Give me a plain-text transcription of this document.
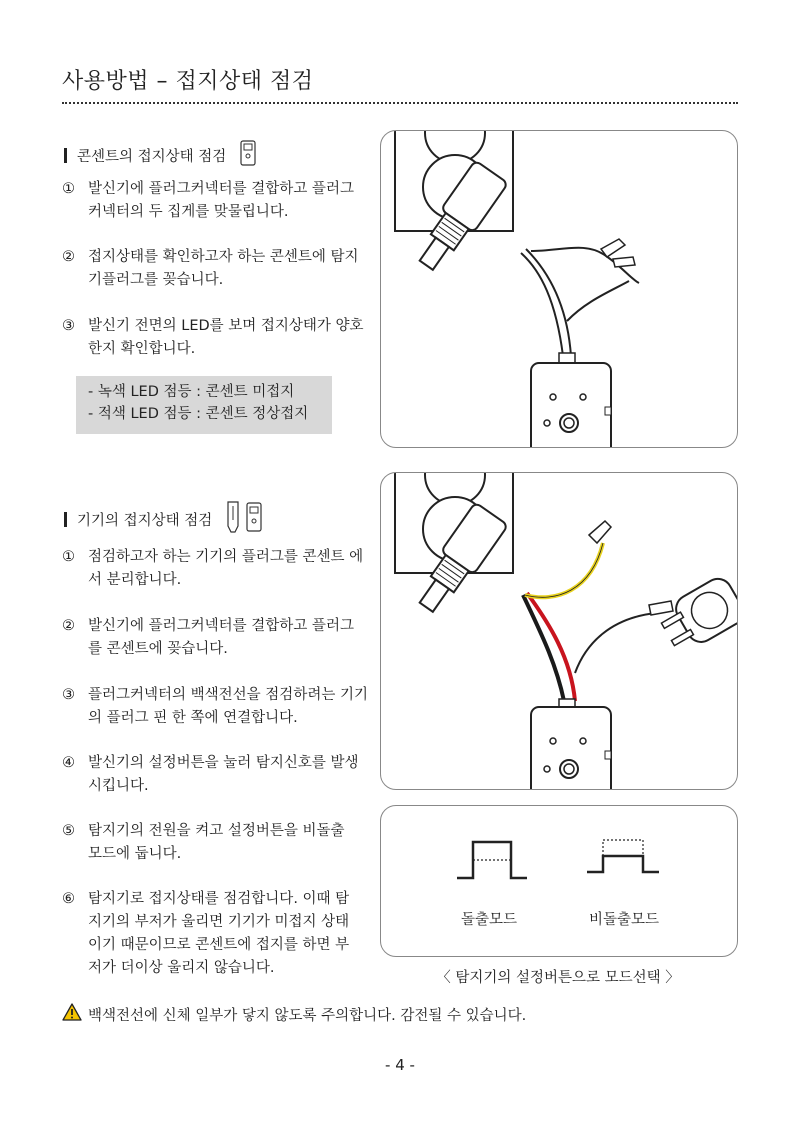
사용방법 – 접지상태 점검
콘센트의 접지상태 점검
① 발신기에 플러그커넥터를 결합하고 플러그 커넥터의 두 집게를 맞물립니다.
② 접지상태를 확인하고자 하는 콘센트에 탐지기플러그를 꽂습니다.
③ 발신기 전면의 LED를 보며 접지상태가 양호한지 확인합니다.
- 녹색 LED 점등 : 콘센트 미접지
- 적색 LED 점등 : 콘센트 정상접지
기기의 접지상태 점검
① 점검하고자 하는 기기의 플러그를 콘센트 에서 분리합니다.
② 발신기에 플러그커넥터를 결합하고 플러그 를 콘센트에 꽂습니다.
③ 플러그커넥터의 백색전선을 점검하려는 기기의 플러그 핀 한 쪽에 연결합니다.
④ 발신기의 설정버튼을 눌러 탐지신호를 발생시킵니다.
⑤ 탐지기의 전원을 켜고 설정버튼을 비돌출 모드에 둡니다.
⑥ 탐지기로 접지상태를 점검합니다. 이때 탐지기의 부저가 울리면 기기가 미접지 상태이기 때문이므로 콘센트에 접지를 하면 부저가 더이상 울리지 않습니다.
돌출모드	비돌출모드
〈 탐지기의 설정버튼으로 모드선택 〉
백색전선에 신체 일부가 닿지 않도록 주의합니다. 감전될 수 있습니다.
- 4 -
